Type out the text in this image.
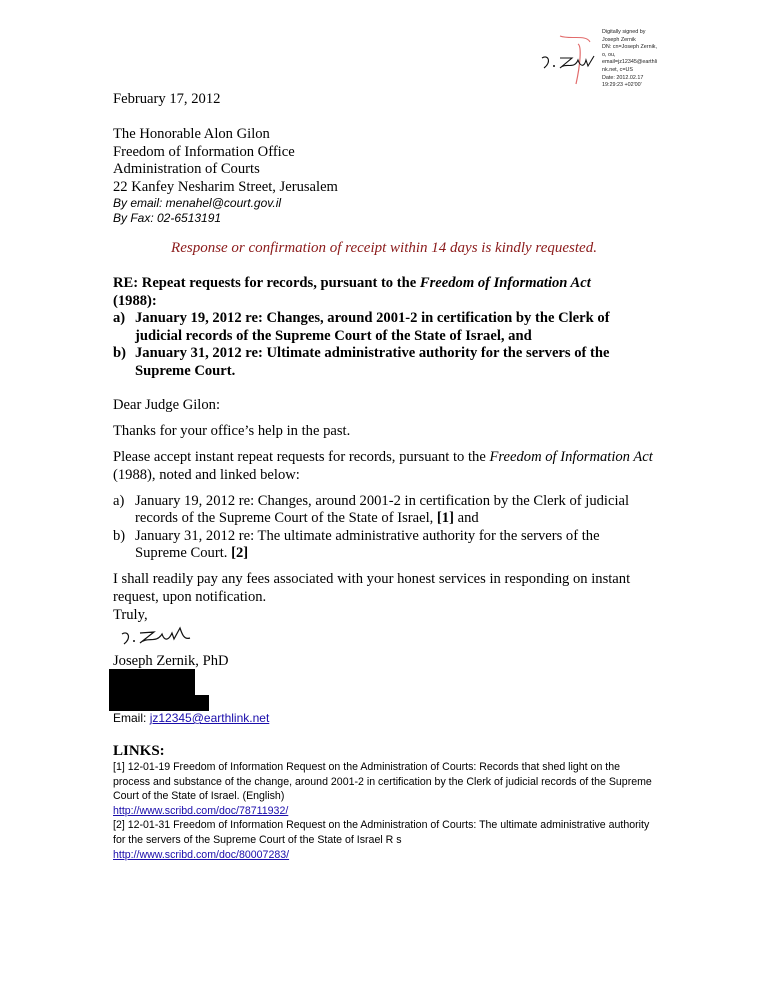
Digitally signed by
Joseph Zernik
DN: cn=Joseph Zernik,
o, ou,
email=jz12345@earthli
nk.net, c=US
Date: 2012.02.17
19:29:23 +02'00'
February 17, 2012
The Honorable Alon Gilon
Freedom of Information Office
Administration of Courts
22 Kanfey Nesharim Street, Jerusalem
By email: menahel@court.gov.il
By Fax: 02-6513191
Response or confirmation of receipt within 14 days is kindly requested.
RE: Repeat requests for records, pursuant to the Freedom of Information Act
(1988):
a) January 19, 2012 re: Changes, around 2001-2 in certification by the Clerk of judicial records of the Supreme Court of the State of Israel, and
b) January 31, 2012 re: Ultimate administrative authority for the servers of the Supreme Court.

Dear Judge Gilon:

Thanks for your office’s help in the past.

Please accept instant repeat requests for records, pursuant to the Freedom of Information Act (1988), noted and linked below:

a) January 19, 2012 re: Changes, around 2001-2 in certification by the Clerk of judicial records of the Supreme Court of the State of Israel, [1] and
b) January 31, 2012 re: The ultimate administrative authority for the servers of the Supreme Court. [2]

I shall readily pay any fees associated with your honest services in responding on instant request, upon notification.

Truly,
Joseph Zernik, PhD
Email: jz12345@earthlink.net
LINKS:
[1] 12-01-19 Freedom of Information Request on the Administration of Courts: Records that shed light on the process and substance of the change, around 2001-2 in certification by the Clerk of judicial records of the Supreme Court of the State of Israel. (English)
http://www.scribd.com/doc/78711932/
[2] 12-01-31 Freedom of Information Request on the Administration of Courts: The ultimate administrative authority for the servers of the Supreme Court of the State of Israel R s
http://www.scribd.com/doc/80007283/
